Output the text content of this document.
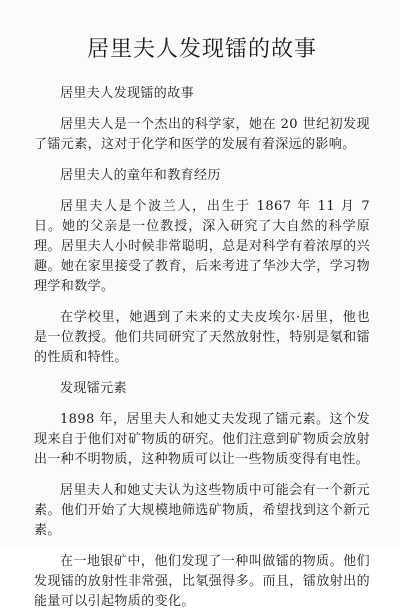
居里夫人发现镭的故事

居里夫人发现镭的故事

居里夫人是一个杰出的科学家，她在 20 世纪初发现了镭元素，这对于化学和医学的发展有着深远的影响。

居里夫人的童年和教育经历

居里夫人是个波兰人，出生于 1867 年 11 月 7 日。她的父亲是一位教授，深入研究了大自然的科学原理。居里夫人小时候非常聪明，总是对科学有着浓厚的兴趣。她在家里接受了教育，后来考进了华沙大学，学习物理学和数学。

在学校里，她遇到了未来的丈夫皮埃尔·居里，他也是一位教授。他们共同研究了天然放射性，特别是氡和镭的性质和特性。

发现镭元素

1898 年，居里夫人和她丈夫发现了镭元素。这个发现来自于他们对矿物质的研究。他们注意到矿物质会放射出一种不明物质，这种物质可以让一些物质变得有电性。

居里夫人和她丈夫认为这些物质中可能会有一个新元素。他们开始了大规模地筛选矿物质，希望找到这个新元素。

在一地银矿中，他们发现了一种叫做镭的物质。他们发现镭的放射性非常强，比氡强得多。而且，镭放射出的能量可以引起物质的变化。
